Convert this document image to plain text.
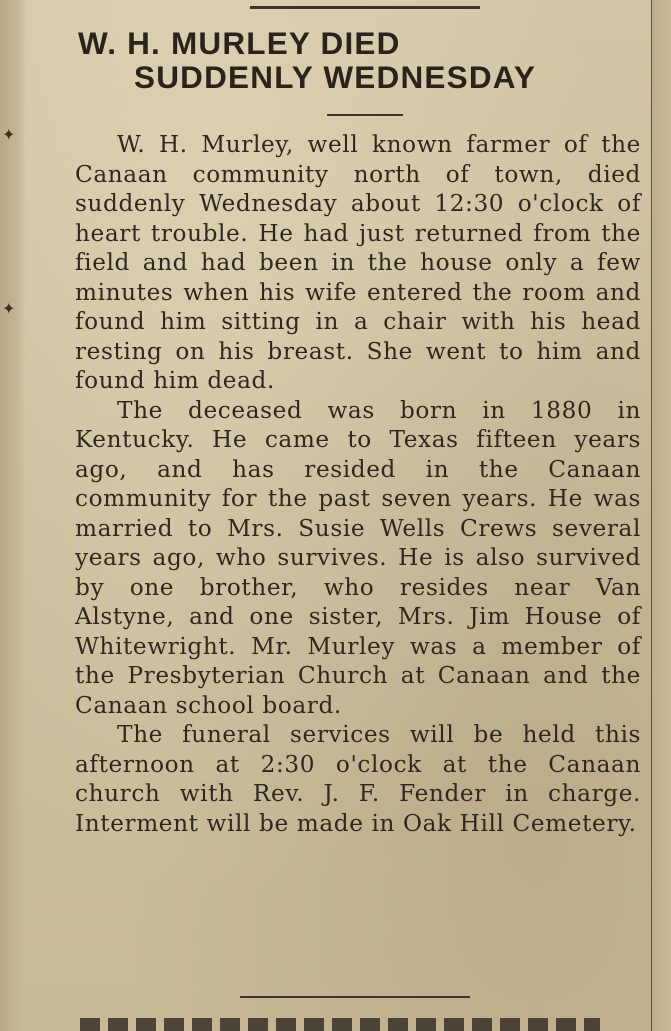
✦
✦
W. H. MURLEY DIED
SUDDENLY WEDNESDAY

W. H. Murley, well known farmer of the Canaan community north of town, died suddenly Wednesday about 12:30 o'clock of heart trouble. He had just returned from the field and had been in the house only a few minutes when his wife entered the room and found him sitting in a chair with his head resting on his breast. She went to him and found him dead.

The deceased was born in 1880 in Kentucky. He came to Texas fifteen years ago, and has resided in the Canaan community for the past seven years. He was married to Mrs. Susie Wells Crews several years ago, who survives. He is also survived by one brother, who resides near Van Alstyne, and one sister, Mrs. Jim House of Whitewright. Mr. Murley was a member of the Presbyterian Church at Canaan and the Canaan school board.

The funeral services will be held this afternoon at 2:30 o'clock at the Canaan church with Rev. J. F. Fender in charge. Interment will be made in Oak Hill Cemetery.
